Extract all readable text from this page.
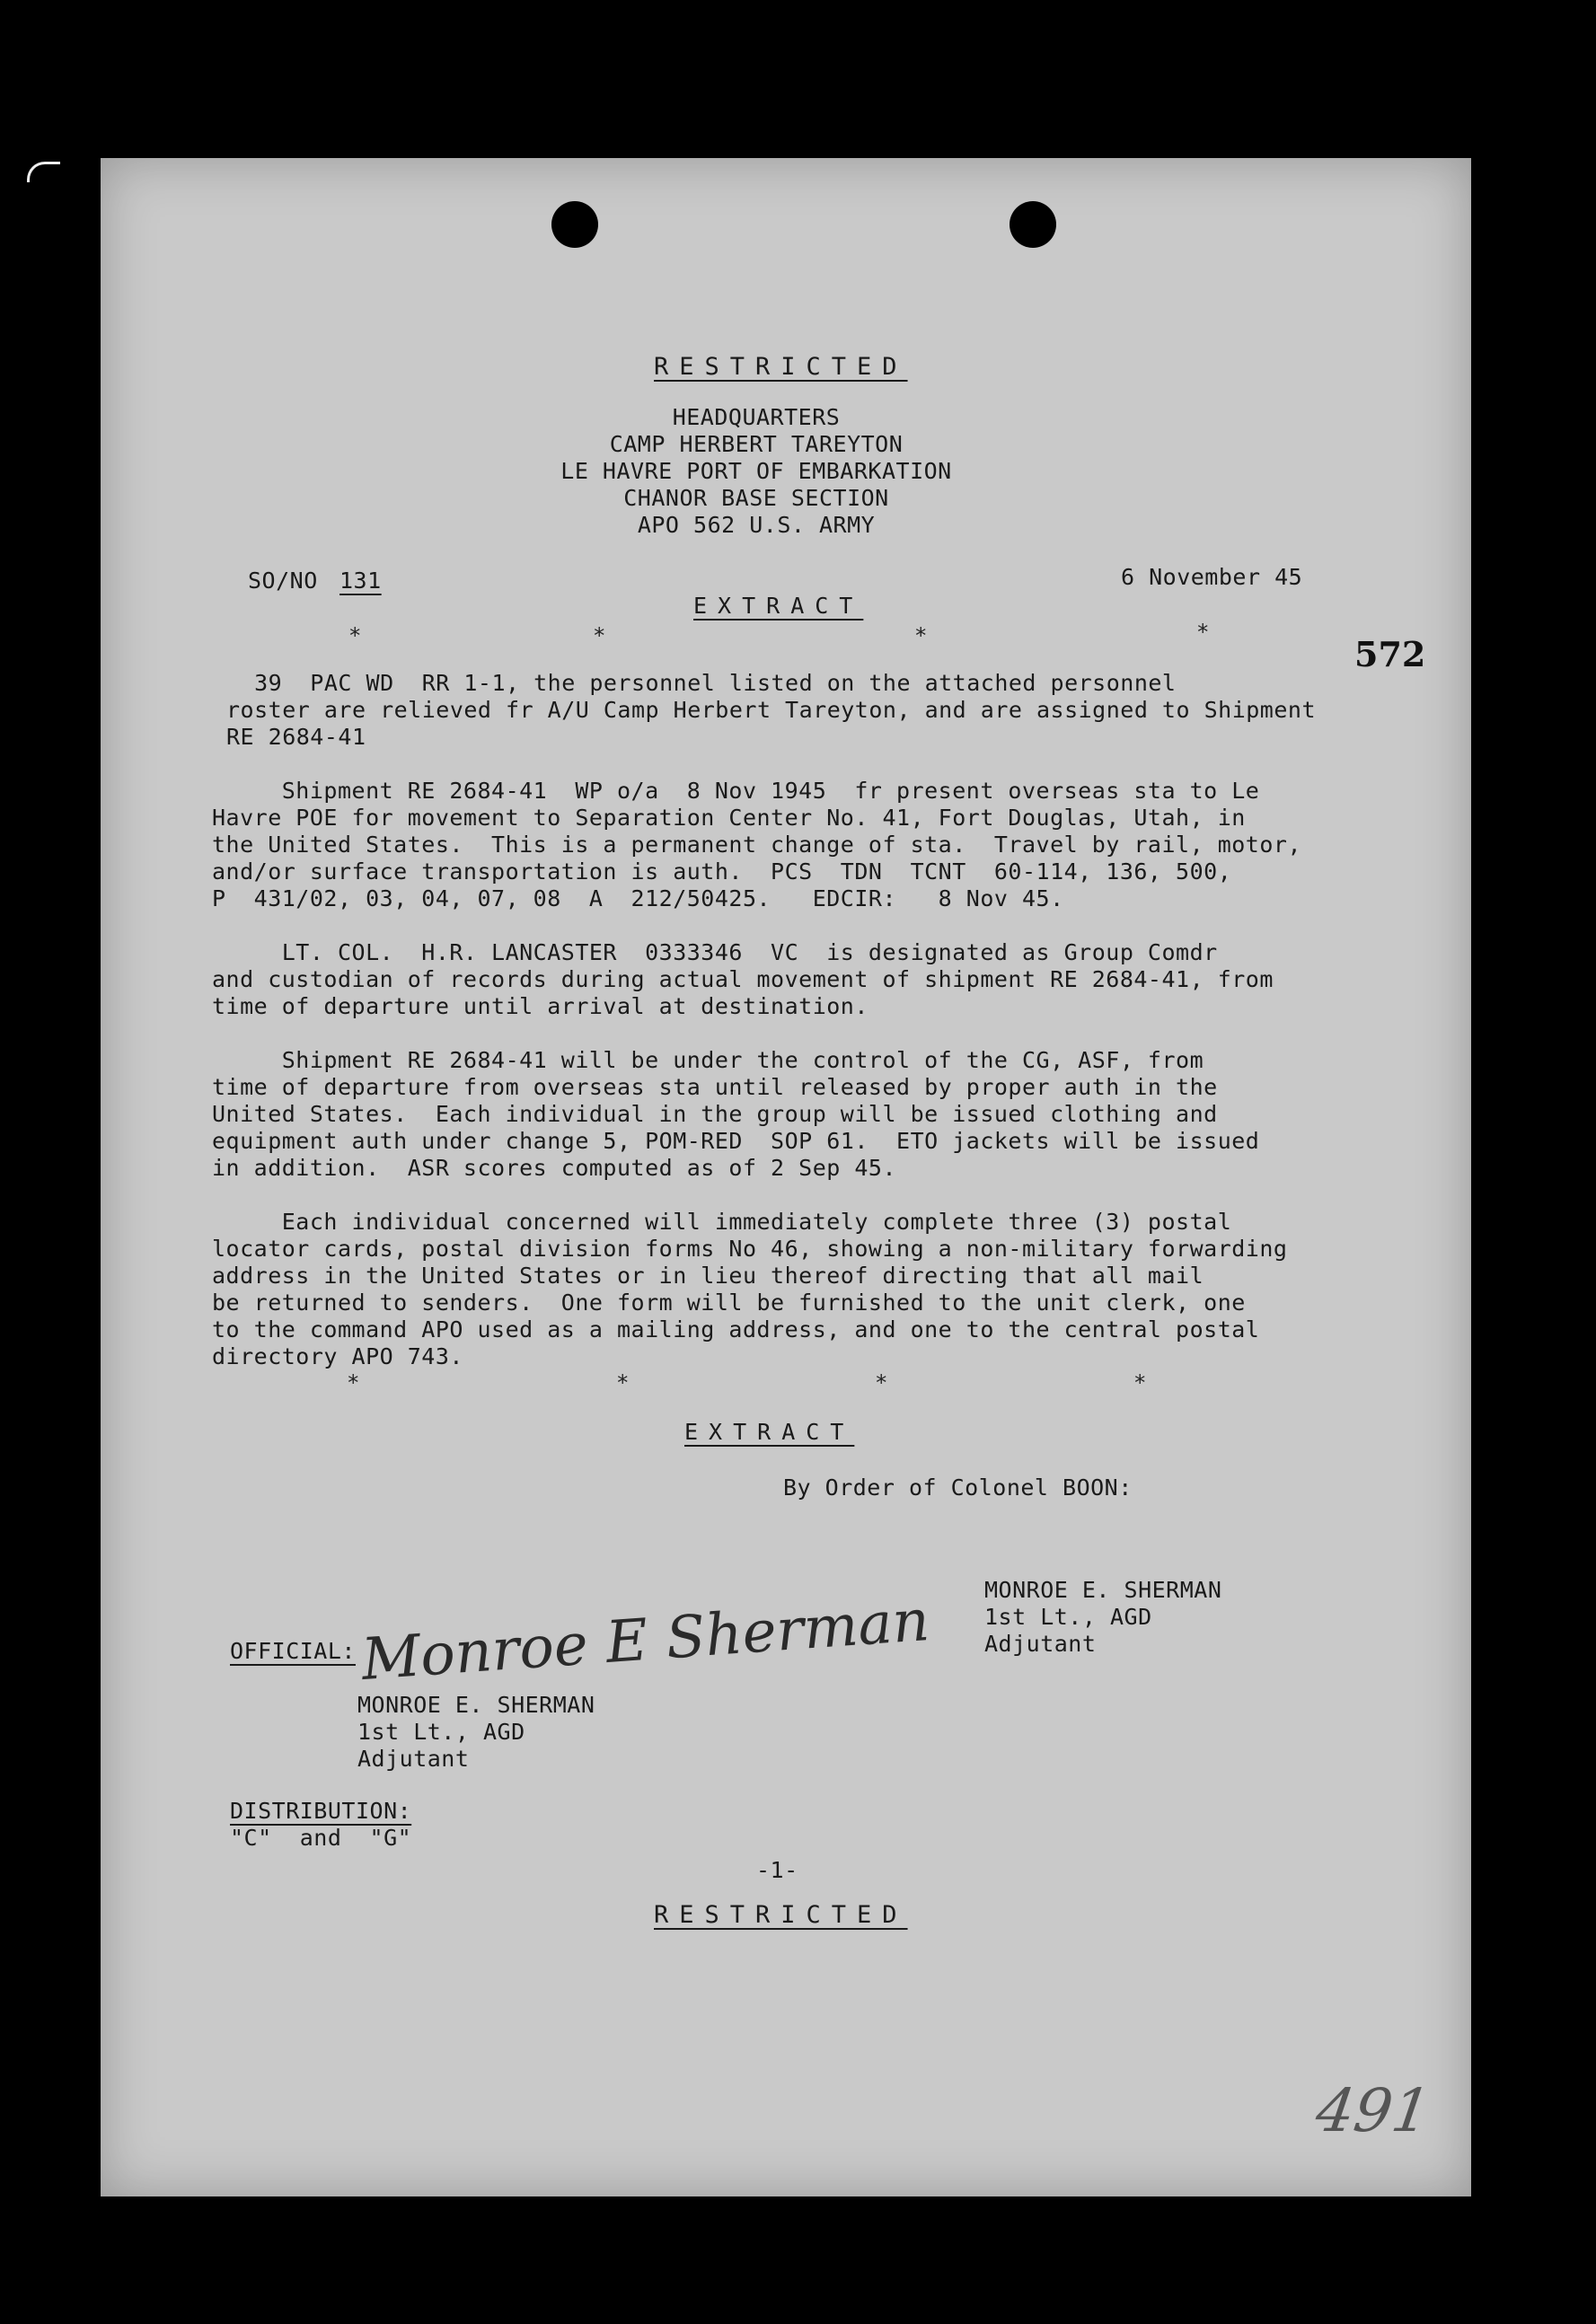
RESTRICTED
HEADQUARTERS
CAMP HERBERT TAREYTON
LE HAVRE PORT OF EMBARKATION
CHANOR BASE SECTION
APO 562 U.S. ARMY
SO/NO 131	6 November 45
EXTRACT
*	*	*	*
572
39  PAC WD  RR 1-1, the personnel listed on the attached personnel
roster are relieved fr A/U Camp Herbert Tareyton, and are assigned to Shipment
RE 2684-41
Shipment RE 2684-41  WP o/a  8 Nov 1945  fr present overseas sta to Le
Havre POE for movement to Separation Center No. 41, Fort Douglas, Utah, in
the United States.  This is a permanent change of sta.  Travel by rail, motor,
and/or surface transportation is auth.  PCS  TDN  TCNT  60-114, 136, 500,
P  431/02, 03, 04, 07, 08  A  212/50425.   EDCIR:   8 Nov 45.
LT. COL.  H.R. LANCASTER  0333346  VC  is designated as Group Comdr
and custodian of records during actual movement of shipment RE 2684-41, from
time of departure until arrival at destination.
Shipment RE 2684-41 will be under the control of the CG, ASF, from
time of departure from overseas sta until released by proper auth in the
United States.  Each individual in the group will be issued clothing and
equipment auth under change 5, POM-RED  SOP 61.  ETO jackets will be issued
in addition.  ASR scores computed as of 2 Sep 45.
Each individual concerned will immediately complete three (3) postal
locator cards, postal division forms No 46, showing a non-military forwarding
address in the United States or in lieu thereof directing that all mail
be returned to senders.  One form will be furnished to the unit clerk, one
to the command APO used as a mailing address, and one to the central postal
directory APO 743.
*	*	*	*
EXTRACT
By Order of Colonel BOON:
MONROE E. SHERMAN
1st Lt., AGD
Adjutant
OFFICIAL: Monroe E Sherman
MONROE E. SHERMAN
1st Lt., AGD
Adjutant
DISTRIBUTION:
"C"  and  "G"
-1-
RESTRICTED
491
